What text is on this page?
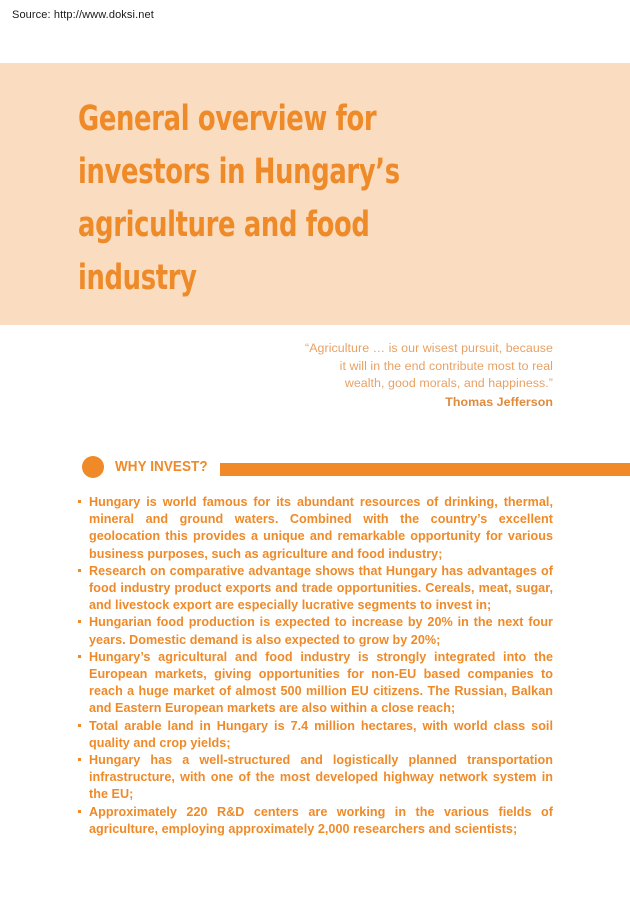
Source: http://www.doksi.net
General overview for investors in Hungary’s agriculture and food industry
“Agriculture … is our wisest pursuit, because
it will in the end contribute most to real
wealth, good morals, and happiness.”
Thomas Jefferson
WHY INVEST?
Hungary is world famous for its abundant resources of drinking, thermal, mineral and ground waters. Combined with the country’s excellent geolocation this provides a unique and remarkable opportunity for various business purposes, such as agriculture and food industry;
Research on comparative advantage shows that Hungary has advantages of food industry product exports and trade opportunities. Cereals, meat, sugar, and livestock export are especially lucrative segments to invest in;
Hungarian food production is expected to increase by 20% in the next four years. Domestic demand is also expected to grow by 20%;
Hungary’s agricultural and food industry is strongly integrated into the European markets, giving opportunities for non-EU based companies to reach a huge market of almost 500 million EU citizens. The Russian, Balkan and Eastern European markets are also within a close reach;
Total arable land in Hungary is 7.4 million hectares, with world class soil quality and crop yields;
Hungary has a well-structured and logistically planned transportation infrastructure, with one of the most developed highway network system in the EU;
Approximately 220 R&D centers are working in the various fields of agriculture, employing approximately 2,000 researchers and scientists;
